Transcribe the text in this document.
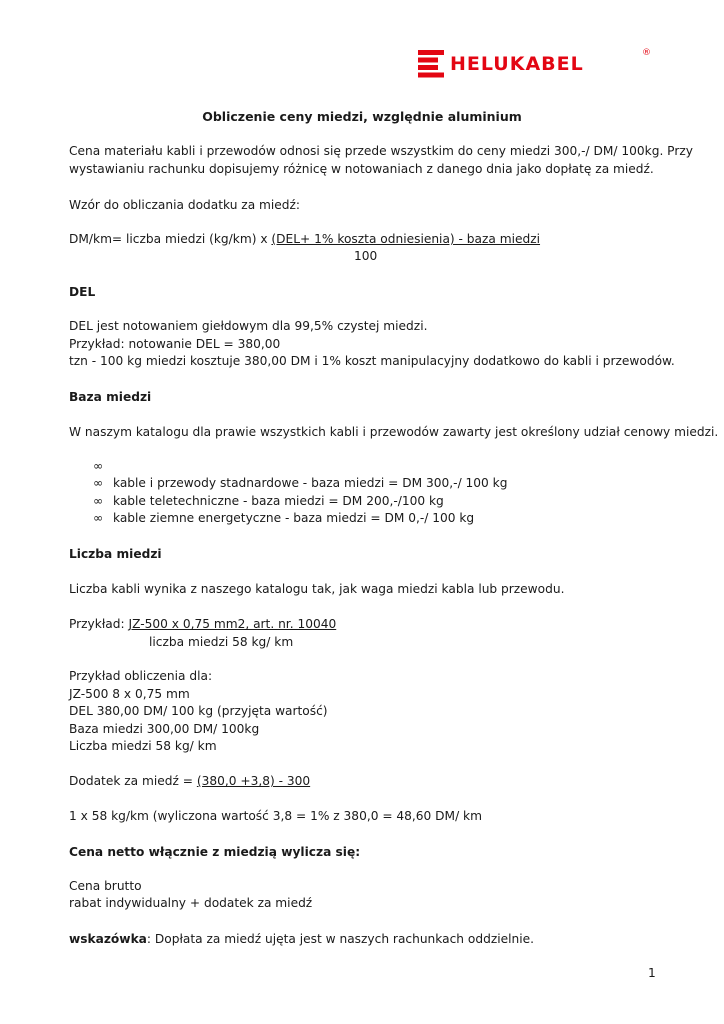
HELUKABEL	®
Obliczenie ceny miedzi, względnie aluminium
Cena materiału kabli i przewodów odnosi się przede wszystkim do ceny miedzi 300,-/ DM/ 100kg. Przy
wystawianiu rachunku dopisujemy różnicę w notowaniach z danego dnia jako dopłatę za miedź.
Wzór do obliczania dodatku za miedź:
DM/km= liczba miedzi (kg/km) x (DEL+ 1% koszta odniesienia) - baza miedzi
100
DEL
DEL jest notowaniem giełdowym dla 99,5% czystej miedzi.
Przykład: notowanie DEL = 380,00
tzn - 100 kg miedzi kosztuje 380,00 DM i 1% koszt manipulacyjny dodatkowo do kabli i przewodów.
Baza miedzi
W naszym katalogu dla prawie wszystkich kabli i przewodów zawarty jest określony udział cenowy miedzi.
∞
∞ kable i przewody stadnardowe - baza miedzi = DM 300,-/ 100 kg
∞ kable teletechniczne - baza miedzi = DM 200,-/100 kg
∞ kable ziemne energetyczne - baza miedzi = DM 0,-/ 100 kg
Liczba miedzi
Liczba kabli wynika z naszego katalogu tak, jak waga miedzi kabla lub przewodu.
Przykład: JZ-500 x 0,75 mm2, art. nr. 10040
liczba miedzi 58 kg/ km
Przykład obliczenia dla:
JZ-500 8 x 0,75 mm
DEL 380,00 DM/ 100 kg (przyjęta wartość)
Baza miedzi 300,00 DM/ 100kg
Liczba miedzi 58 kg/ km
Dodatek za miedź = (380,0 +3,8) - 300
1 x 58 kg/km (wyliczona wartość 3,8 = 1% z 380,0 = 48,60 DM/ km
Cena netto włącznie z miedzią wylicza się:
Cena brutto
rabat indywidualny + dodatek za miedź
wskazówka: Dopłata za miedź ujęta jest w naszych rachunkach oddzielnie.
1
